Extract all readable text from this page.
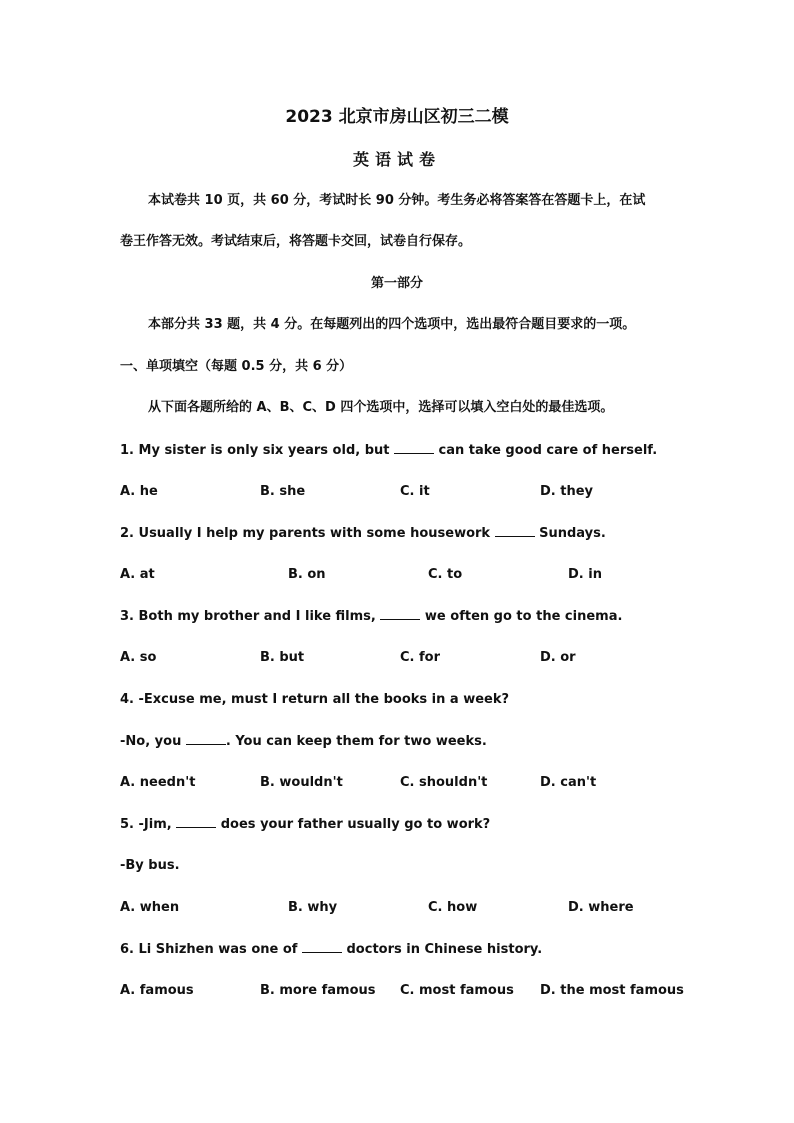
2023 北京市房山区初三二模
英语试卷
本试卷共 10 页，共 60 分，考试时长 90 分钟。考生务必将答案答在答题卡上，在试
卷王作答无效。考试结束后，将答题卡交回，试卷自行保存。
第一部分
本部分共 33 题，共 4 分。在每题列出的四个选项中，选出最符合题目要求的一项。
一、单项填空（每题 0.5 分，共 6 分）
从下面各题所给的 A、B、C、D 四个选项中，选择可以填入空白处的最佳选项。
1. My sister is only six years old, but	can take good care of herself.
A. he	B. she	C. it	D. they
2. Usually I help my parents with some housework	Sundays.
A. at	B. on	C. to	D. in
3. Both my brother and I like films,	we often go to the cinema.
A. so	B. but	C. for	D. or
4. -Excuse me, must I return all the books in a week?
-No, you	. You can keep them for two weeks.
A. needn't	B. wouldn't	C. shouldn't	D. can't
5. -Jim,	does your father usually go to work?
-By bus.
A. when	B. why	C. how	D. where
6. Li Shizhen was one of	doctors in Chinese history.
A. famous	B. more famous C. most famous D. the most famous
